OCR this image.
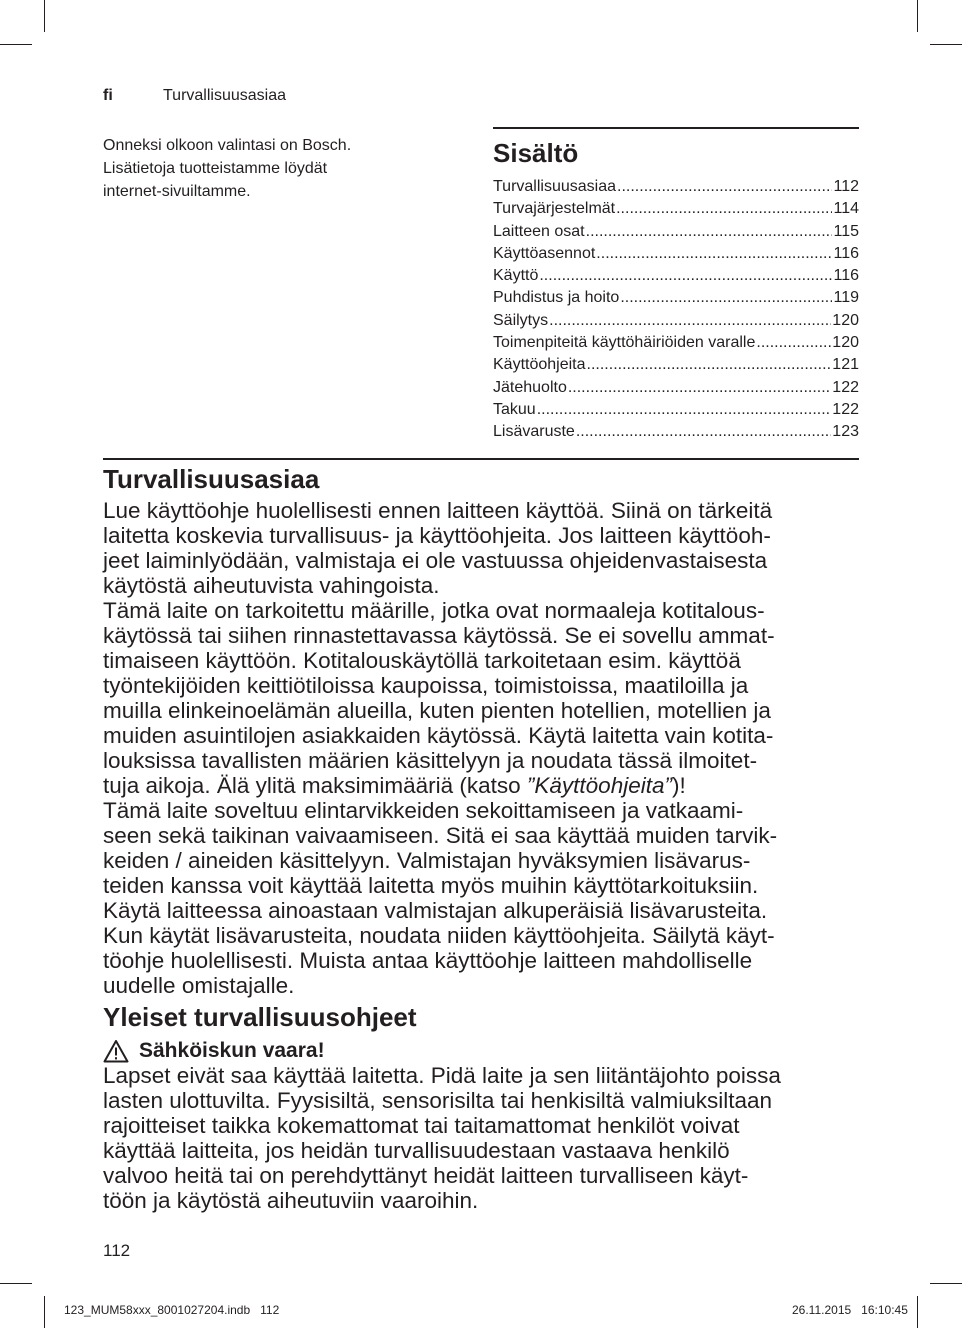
fi	Turvallisuusasiaa
Onneksi olkoon valintasi on Bosch.
Lisätietoja tuotteistamme löydät
internet-sivuiltamme.
Sisältö
Turvallisuusasiaa .....	112
Turvajärjestelmät .....	114
Laitteen osat .....	115
Käyttöasennot .....	116
Käyttö .....	116
Puhdistus ja hoito .....	119
Säilytys .....	120
Toimenpiteitä käyttöhäiriöiden varalle .....	120
Käyttöohjeita .....	121
Jätehuolto .....	122
Takuu .....	122
Lisävaruste .....	123
Turvallisuusasiaa
Lue käyttöohje huolellisesti ennen laitteen käyttöä. Siinä on tärkeitä
laitetta koskevia turvallisuus- ja käyttöohjeita. Jos laitteen käyttöoh-
jeet laiminlyödään, valmistaja ei ole vastuussa ohjeidenvastaisesta
käytöstä aiheutuvista vahingoista.
Tämä laite on tarkoitettu määrille, jotka ovat normaaleja kotitalous-
käytössä tai siihen rinnastettavassa käytössä. Se ei sovellu ammat-
timaiseen käyttöön. Kotitalouskäytöllä tarkoitetaan esim. käyttöä
työntekijöiden keittiötiloissa kaupoissa, toimistoissa, maatiloilla ja
muilla elinkeinoelämän alueilla, kuten pienten hotellien, motellien ja
muiden asuintilojen asiakkaiden käytössä. Käytä laitetta vain kotita-
louksissa tavallisten määrien käsittelyyn ja noudata tässä ilmoitet-
tuja aikoja. Älä ylitä maksimimääriä (katso ”Käyttöohjeita”)!
Tämä laite soveltuu elintarvikkeiden sekoittamiseen ja vatkaami-
seen sekä taikinan vaivaamiseen. Sitä ei saa käyttää muiden tarvik-
keiden / aineiden käsittelyyn. Valmistajan hyväksymien lisävarus-
teiden kanssa voit käyttää laitetta myös muihin käyttötarkoituksiin.
Käytä laitteessa ainoastaan valmistajan alkuperäisiä lisävarusteita.
Kun käytät lisävarusteita, noudata niiden käyttöohjeita. Säilytä käyt-
töohje huolellisesti. Muista antaa käyttöohje laitteen mahdolliselle
uudelle omistajalle.
Yleiset turvallisuusohjeet
Sähköiskun vaara!
Lapset eivät saa käyttää laitetta. Pidä laite ja sen liitäntäjohto poissa
lasten ulottuvilta. Fyysisiltä, sensorisilta tai henkisiltä valmiuksiltaan
rajoitteiset taikka kokemattomat tai taitamattomat henkilöt voivat
käyttää laitteita, jos heidän turvallisuudestaan vastaava henkilö
valvoo heitä tai on perehdyttänyt heidät laitteen turvalliseen käyt-
töön ja käytöstä aiheutuviin vaaroihin.
112
123_MUM58xxx_8001027204.indb   112	26.11.2015   16:10:45
